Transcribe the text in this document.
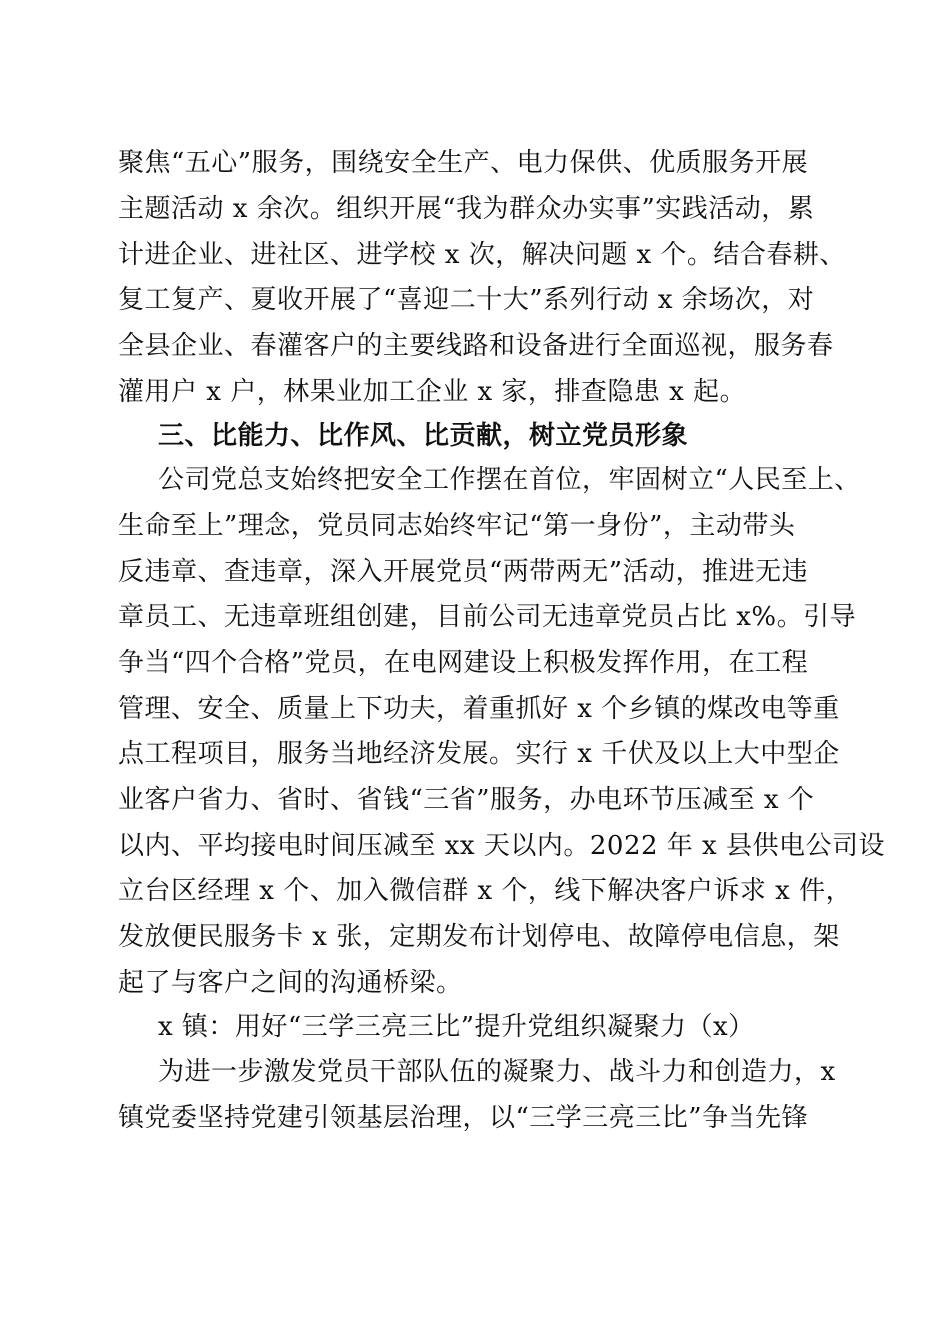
聚焦“五心”服务，围绕安全生产、电力保供、优质服务开展
主题活动 x 余次。组织开展“我为群众办实事”实践活动，累
计进企业、进社区、进学校 x 次，解决问题 x 个。结合春耕、
复工复产、夏收开展了“喜迎二十大”系列行动 x 余场次，对
全县企业、春灌客户的主要线路和设备进行全面巡视，服务春
灌用户 x 户，林果业加工企业 x 家，排查隐患 x 起。
三、比能力、比作风、比贡献，树立党员形象
公司党总支始终把安全工作摆在首位，牢固树立“人民至上、
生命至上”理念，党员同志始终牢记“第一身份”，主动带头
反违章、查违章，深入开展党员“两带两无”活动，推进无违
章员工、无违章班组创建，目前公司无违章党员占比 x%。引导
争当“四个合格”党员，在电网建设上积极发挥作用，在工程
管理、安全、质量上下功夫，着重抓好 x 个乡镇的煤改电等重
点工程项目，服务当地经济发展。实行 x 千伏及以上大中型企
业客户省力、省时、省钱“三省”服务，办电环节压减至 x 个
以内、平均接电时间压减至 xx 天以内。2022 年 x 县供电公司设
立台区经理 x 个、加入微信群 x 个，线下解决客户诉求 x 件，
发放便民服务卡 x 张，定期发布计划停电、故障停电信息，架
起了与客户之间的沟通桥梁。
x 镇：用好“三学三亮三比”提升党组织凝聚力（x）
为进一步激发党员干部队伍的凝聚力、战斗力和创造力，x
镇党委坚持党建引领基层治理，以“三学三亮三比”争当先锋
